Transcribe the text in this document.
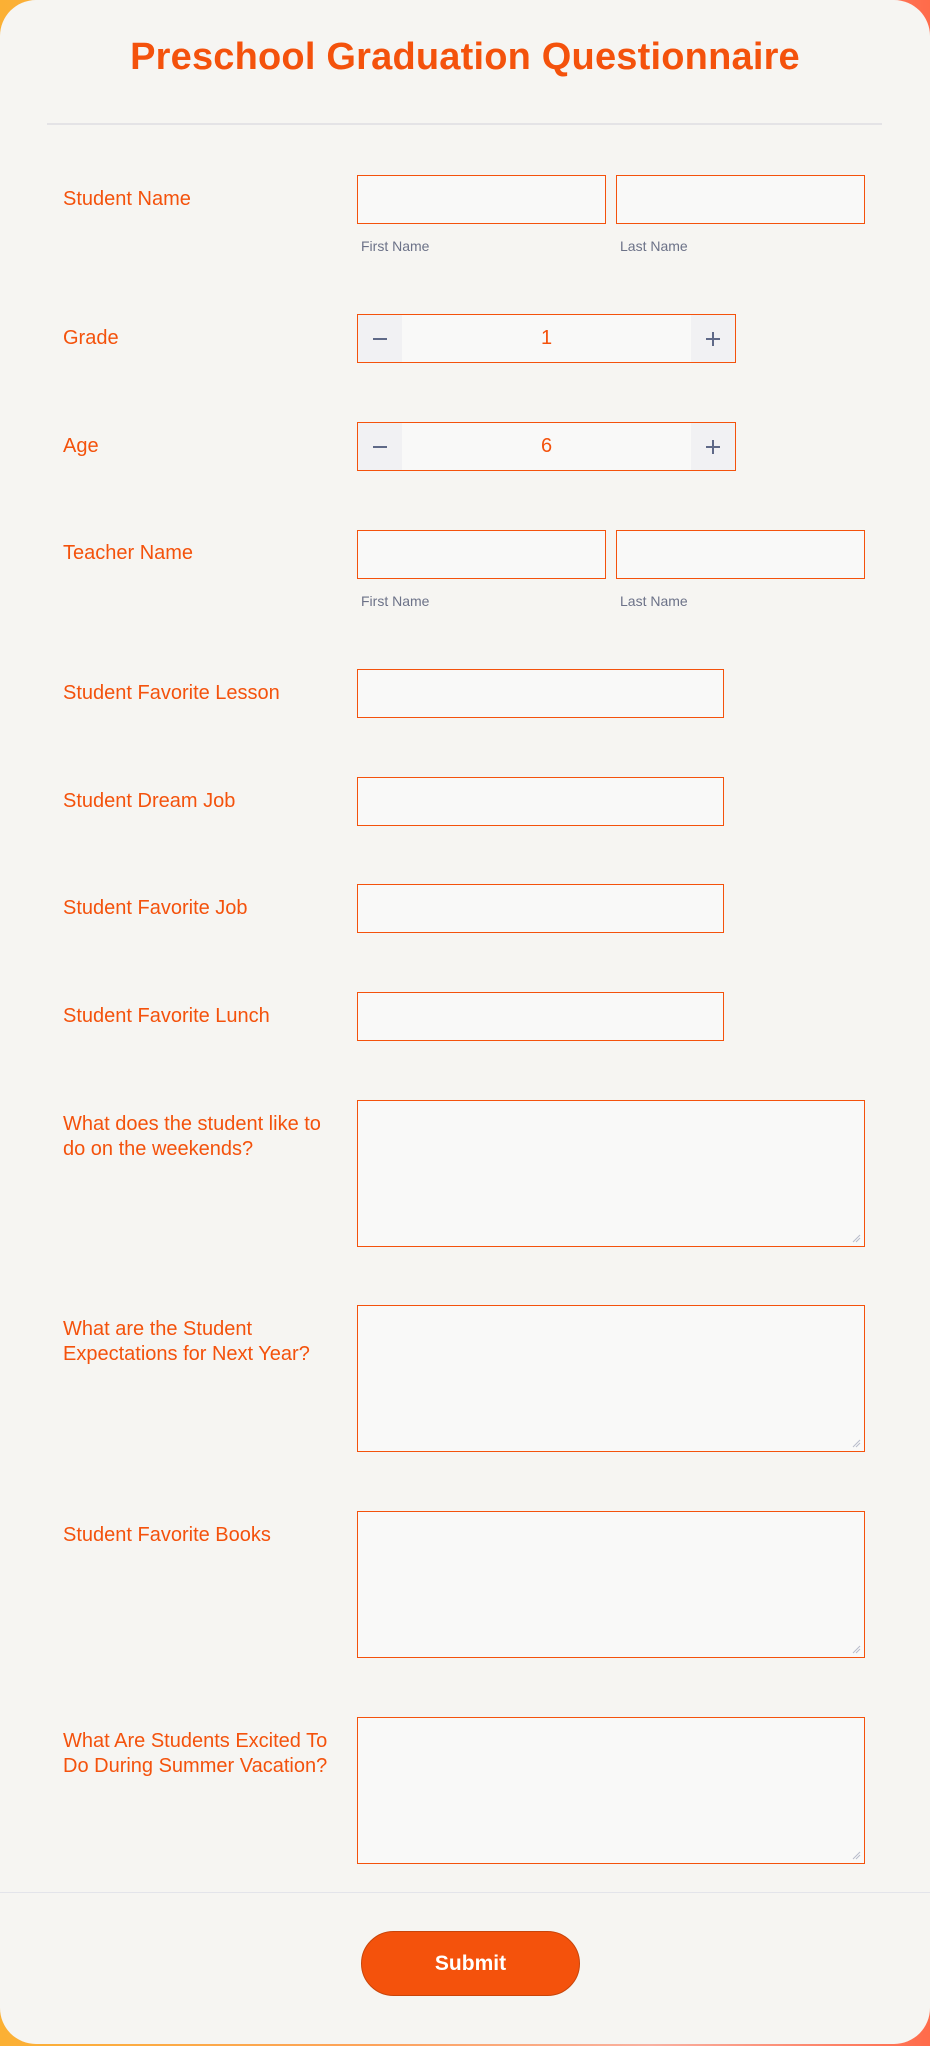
Preschool Graduation Questionnaire
Student Name
First Name	Last Name
Grade	1
Age	6
Teacher Name
First Name	Last Name
Student Favorite Lesson
Student Dream Job
Student Favorite Job
Student Favorite Lunch
What does the student like to do on the weekends?
What are the Student Expectations for Next Year?
Student Favorite Books
What Are Students Excited To Do During Summer Vacation?
Submit
